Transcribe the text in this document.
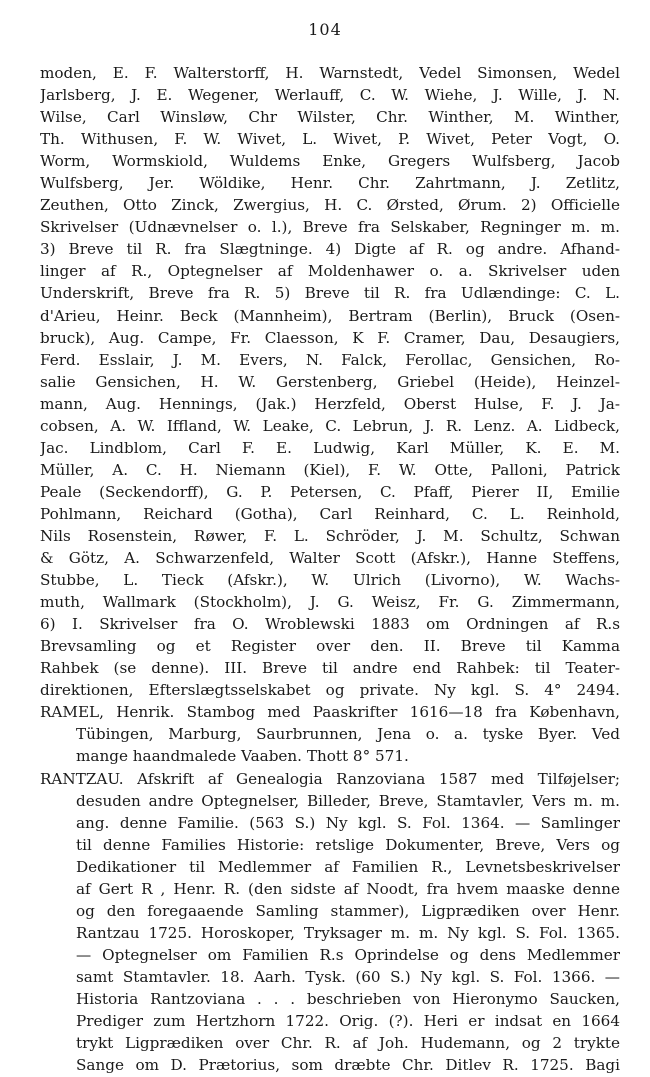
104
moden, E. F. Walterstorff, H. Warnstedt, Vedel Simonsen, Wedel
Jarlsberg, J. E. Wegener, Werlauff, C. W. Wiehe, J. Wille, J. N.
Wilse, Carl Winsløw, Chr Wilster, Chr. Winther, M. Winther,
Th. Withusen, F. W. Wivet, L. Wivet, P. Wivet, Peter Vogt, O.
Worm, Wormskiold, Wuldems Enke, Gregers Wulfsberg, Jacob
Wulfsberg, Jer. Wöldike, Henr. Chr. Zahrtmann, J. Zetlitz,
Zeuthen, Otto Zinck, Zwergius, H. C. Ørsted, Ørum. 2) Officielle
Skrivelser (Udnævnelser o. l.), Breve fra Selskaber, Regninger m. m.
3) Breve til R. fra Slægtninge. 4) Digte af R. og andre. Afhand-
linger af R., Optegnelser af Moldenhawer o. a. Skrivelser uden
Underskrift, Breve fra R. 5) Breve til R. fra Udlændinge: C. L.
d'Arieu, Heinr. Beck (Mannheim), Bertram (Berlin), Bruck (Osen-
bruck), Aug. Campe, Fr. Claesson, K F. Cramer, Dau, Desaugiers,
Ferd. Esslair, J. M. Evers, N. Falck, Ferollac, Gensichen, Ro-
salie Gensichen, H. W. Gerstenberg, Griebel (Heide), Heinzel-
mann, Aug. Hennings, (Jak.) Herzfeld, Oberst Hulse, F. J. Ja-
cobsen, A. W. Iffland, W. Leake, C. Lebrun, J. R. Lenz. A. Lidbeck,
Jac. Lindblom, Carl F. E. Ludwig, Karl Müller, K. E. M.
Müller, A. C. H. Niemann (Kiel), F. W. Otte, Palloni, Patrick
Peale (Seckendorff), G. P. Petersen, C. Pfaff, Pierer II, Emilie
Pohlmann, Reichard (Gotha), Carl Reinhard, C. L. Reinhold,
Nils Rosenstein, Røwer, F. L. Schröder, J. M. Schultz, Schwan
& Götz, A. Schwarzenfeld, Walter Scott (Afskr.), Hanne Steffens,
Stubbe, L. Tieck (Afskr.), W. Ulrich (Livorno), W. Wachs-
muth, Wallmark (Stockholm), J. G. Weisz, Fr. G. Zimmermann,
6) I. Skrivelser fra O. Wroblewski 1883 om Ordningen af R.s
Brevsamling og et Register over den. II. Breve til Kamma
Rahbek (se denne). III. Breve til andre end Rahbek: til Teater-
direktionen, Efterslægtsselskabet og private. Ny kgl. S. 4° 2494.
RAMEL, Henrik. Stambog med Paaskrifter 1616—18 fra København,
Tübingen, Marburg, Saurbrunnen, Jena o. a. tyske Byer. Ved
mange haandmalede Vaaben. Thott 8° 571.
RANTZAU. Afskrift af Genealogia Ranzoviana 1587 med Tilføjelser;
desuden andre Optegnelser, Billeder, Breve, Stamtavler, Vers m. m.
ang. denne Familie. (563 S.) Ny kgl. S. Fol. 1364. — Samlinger
til denne Families Historie: retslige Dokumenter, Breve, Vers og
Dedikationer til Medlemmer af Familien R., Levnetsbeskrivelser
af Gert R , Henr. R. (den sidste af Noodt, fra hvem maaske denne
og den foregaaende Samling stammer), Ligprædiken over Henr.
Rantzau 1725. Horoskoper, Tryksager m. m. Ny kgl. S. Fol. 1365.
— Optegnelser om Familien R.s Oprindelse og dens Medlemmer
samt Stamtavler. 18. Aarh. Tysk. (60 S.) Ny kgl. S. Fol. 1366. —
Historia Rantzoviana . . . beschrieben von Hieronymo Saucken,
Prediger zum Hertzhorn 1722. Orig. (?). Heri er indsat en 1664
trykt Ligprædiken over Chr. R. af Joh. Hudemann, og 2 trykte
Sange om D. Prætorius, som dræbte Chr. Ditlev R. 1725. Bagi
